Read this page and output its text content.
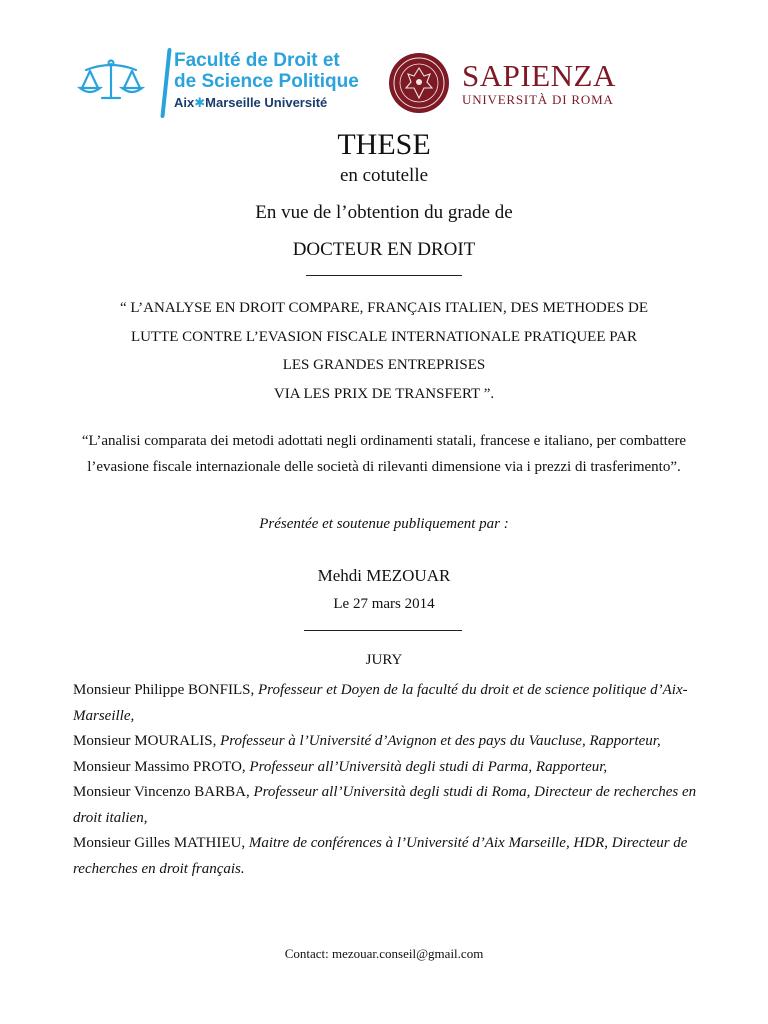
Faculté de Droit et
de Science Politique
Aix✱Marseille Université
SAPIENZA
UNIVERSITÀ DI ROMA
THESE
en cotutelle
En vue de l’obtention du grade de
DOCTEUR EN DROIT
“ L’ANALYSE EN DROIT COMPARE, FRANÇAIS ITALIEN, DES METHODES DE
LUTTE CONTRE L’EVASION FISCALE INTERNATIONALE PRATIQUEE PAR
LES GRANDES ENTREPRISES
VIA LES PRIX DE TRANSFERT ”.
“L’analisi comparata dei metodi adottati negli ordinamenti statali, francese e italiano, per combattere l’evasione fiscale internazionale delle società di rilevanti dimensione via i prezzi di trasferimento”.
Présentée et soutenue publiquement par :
Mehdi MEZOUAR
Le 27 mars 2014
JURY
Monsieur Philippe BONFILS, Professeur et Doyen de la faculté du droit et de science politique d’Aix-Marseille,
Monsieur MOURALIS, Professeur à l’Université d’Avignon et des pays du Vaucluse, Rapporteur,
Monsieur Massimo PROTO, Professeur all’Università degli studi di Parma, Rapporteur,
Monsieur Vincenzo BARBA, Professeur all’Università degli studi di Roma, Directeur de recherches en droit italien,
Monsieur Gilles MATHIEU, Maitre de conférences à l’Université d’Aix Marseille, HDR, Directeur de recherches en droit français.
Contact: mezouar.conseil@gmail.com
